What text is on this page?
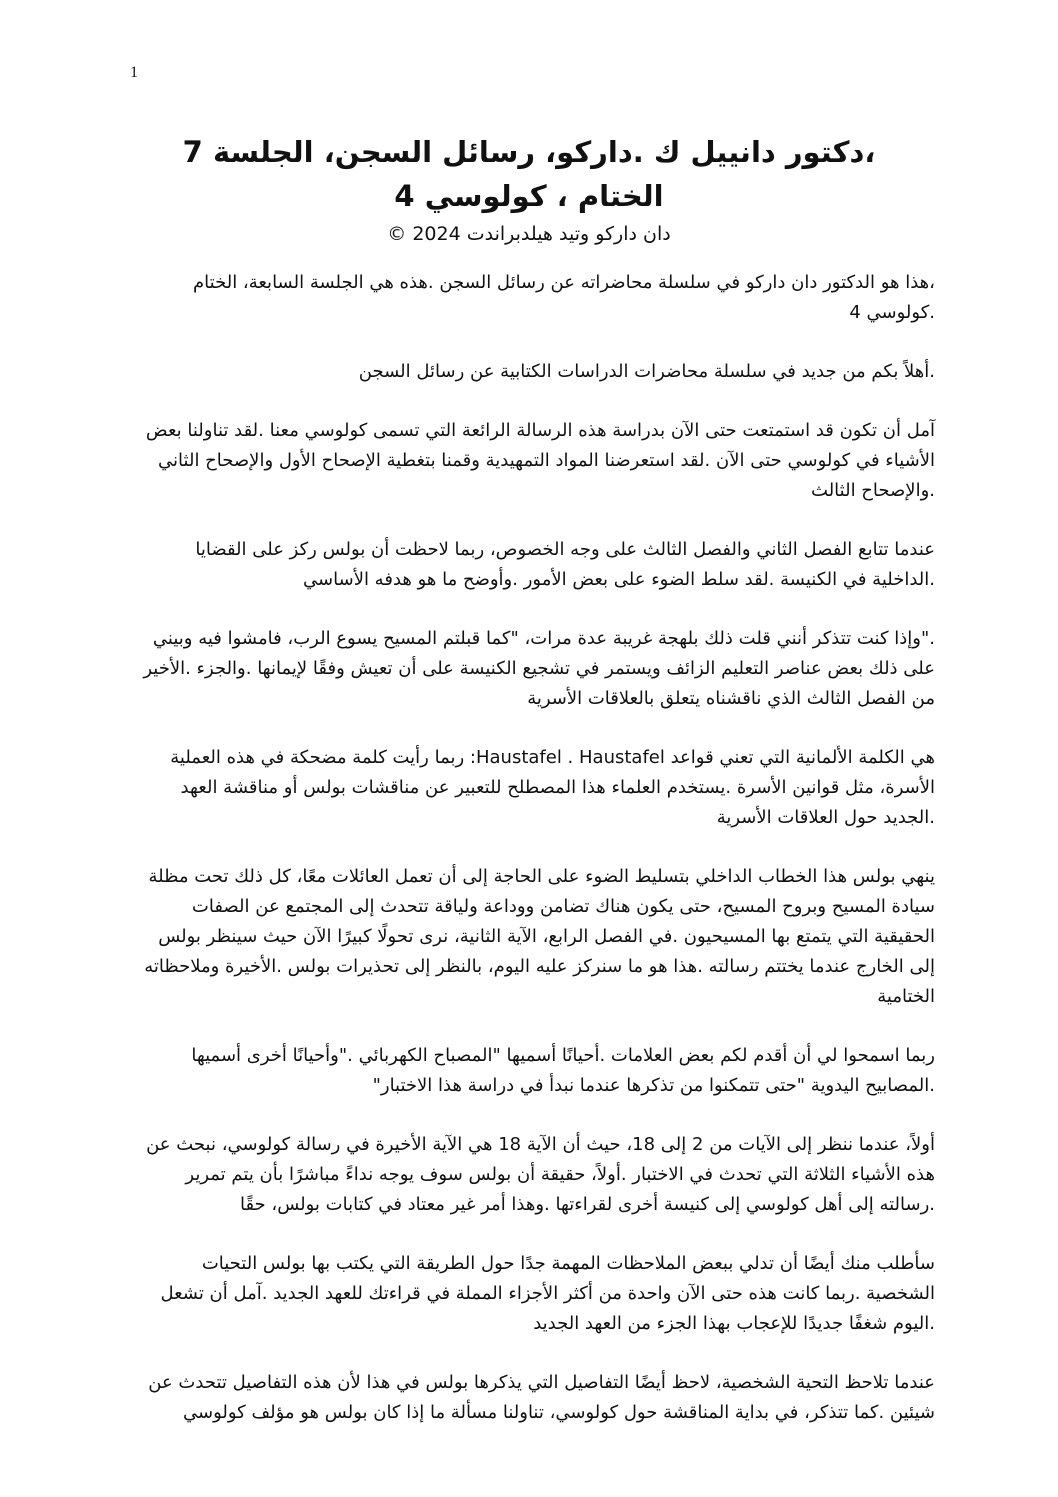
1
،دكتور دانييل ك .داركو، رسائل السجن، الجلسة 7
الختام ، كولوسي 4
دان داركو وتيد هيلدبراندت 2024 ©

،هذا هو الدكتور دان داركو في سلسلة محاضراته عن رسائل السجن .هذه هي الجلسة السابعة، الختام .كولوسي 4

.أهلاً بكم من جديد في سلسلة محاضرات الدراسات الكتابية عن رسائل السجن

آمل أن تكون قد استمتعت حتى الآن بدراسة هذه الرسالة الرائعة التي تسمى كولوسي معنا .لقد تناولنا بعض الأشياء في كولوسي حتى الآن .لقد استعرضنا المواد التمهيدية وقمنا بتغطية الإصحاح الأول والإصحاح الثاني .والإصحاح الثالث

عندما تتابع الفصل الثاني والفصل الثالث على وجه الخصوص، ربما لاحظت أن بولس ركز على القضايا .الداخلية في الكنيسة .لقد سلط الضوء على بعض الأمور .وأوضح ما هو هدفه الأساسي

."وإذا كنت تتذكر أنني قلت ذلك بلهجة غريبة عدة مرات، "كما قبلتم المسيح يسوع الرب، فامشوا فيه وبيني على ذلك بعض عناصر التعليم الزائف ويستمر في تشجيع الكنيسة على أن تعيش وفقًا لإيمانها .والجزء .الأخير من الفصل الثالث الذي ناقشناه يتعلق بالعلاقات الأسرية

هي الكلمة الألمانية التي تعني قواعد Haustafel . Haustafel: ربما رأيت كلمة مضحكة في هذه العملية الأسرة، مثل قوانين الأسرة .يستخدم العلماء هذا المصطلح للتعبير عن مناقشات بولس أو مناقشة العهد .الجديد حول العلاقات الأسرية

ينهي بولس هذا الخطاب الداخلي بتسليط الضوء على الحاجة إلى أن تعمل العائلات معًا، كل ذلك تحت مظلة سيادة المسيح وبروح المسيح، حتى يكون هناك تضامن ووداعة ولياقة تتحدث إلى المجتمع عن الصفات الحقيقية التي يتمتع بها المسيحيون .في الفصل الرابع، الآية الثانية، نرى تحولًا كبيرًا الآن حيث سينظر بولس إلى الخارج عندما يختتم رسالته .هذا هو ما سنركز عليه اليوم، بالنظر إلى تحذيرات بولس .الأخيرة وملاحظاته الختامية

ربما اسمحوا لي أن أقدم لكم بعض العلامات .أحيانًا أسميها "المصباح الكهربائي ."وأحيانًا أخرى أسميها .المصابيح اليدوية "حتى تتمكنوا من تذكرها عندما نبدأ في دراسة هذا الاختبار"

أولاً، عندما ننظر إلى الآيات من 2 إلى 18، حيث أن الآية 18 هي الآية الأخيرة في رسالة كولوسي، نبحث عن هذه الأشياء الثلاثة التي تحدث في الاختبار .أولاً، حقيقة أن بولس سوف يوجه نداءً مباشرًا بأن يتم تمرير .رسالته إلى أهل كولوسي إلى كنيسة أخرى لقراءتها .وهذا أمر غير معتاد في كتابات بولس، حقًا

سأطلب منك أيضًا أن تدلي ببعض الملاحظات المهمة جدًا حول الطريقة التي يكتب بها بولس التحيات الشخصية .ربما كانت هذه حتى الآن واحدة من أكثر الأجزاء المملة في قراءتك للعهد الجديد .آمل أن تشعل .اليوم شغفًا جديدًا للإعجاب بهذا الجزء من العهد الجديد

عندما تلاحظ التحية الشخصية، لاحظ أيضًا التفاصيل التي يذكرها بولس في هذا لأن هذه التفاصيل تتحدث عن شيئين .كما تتذكر، في بداية المناقشة حول كولوسي، تناولنا مسألة ما إذا كان بولس هو مؤلف كولوسي
